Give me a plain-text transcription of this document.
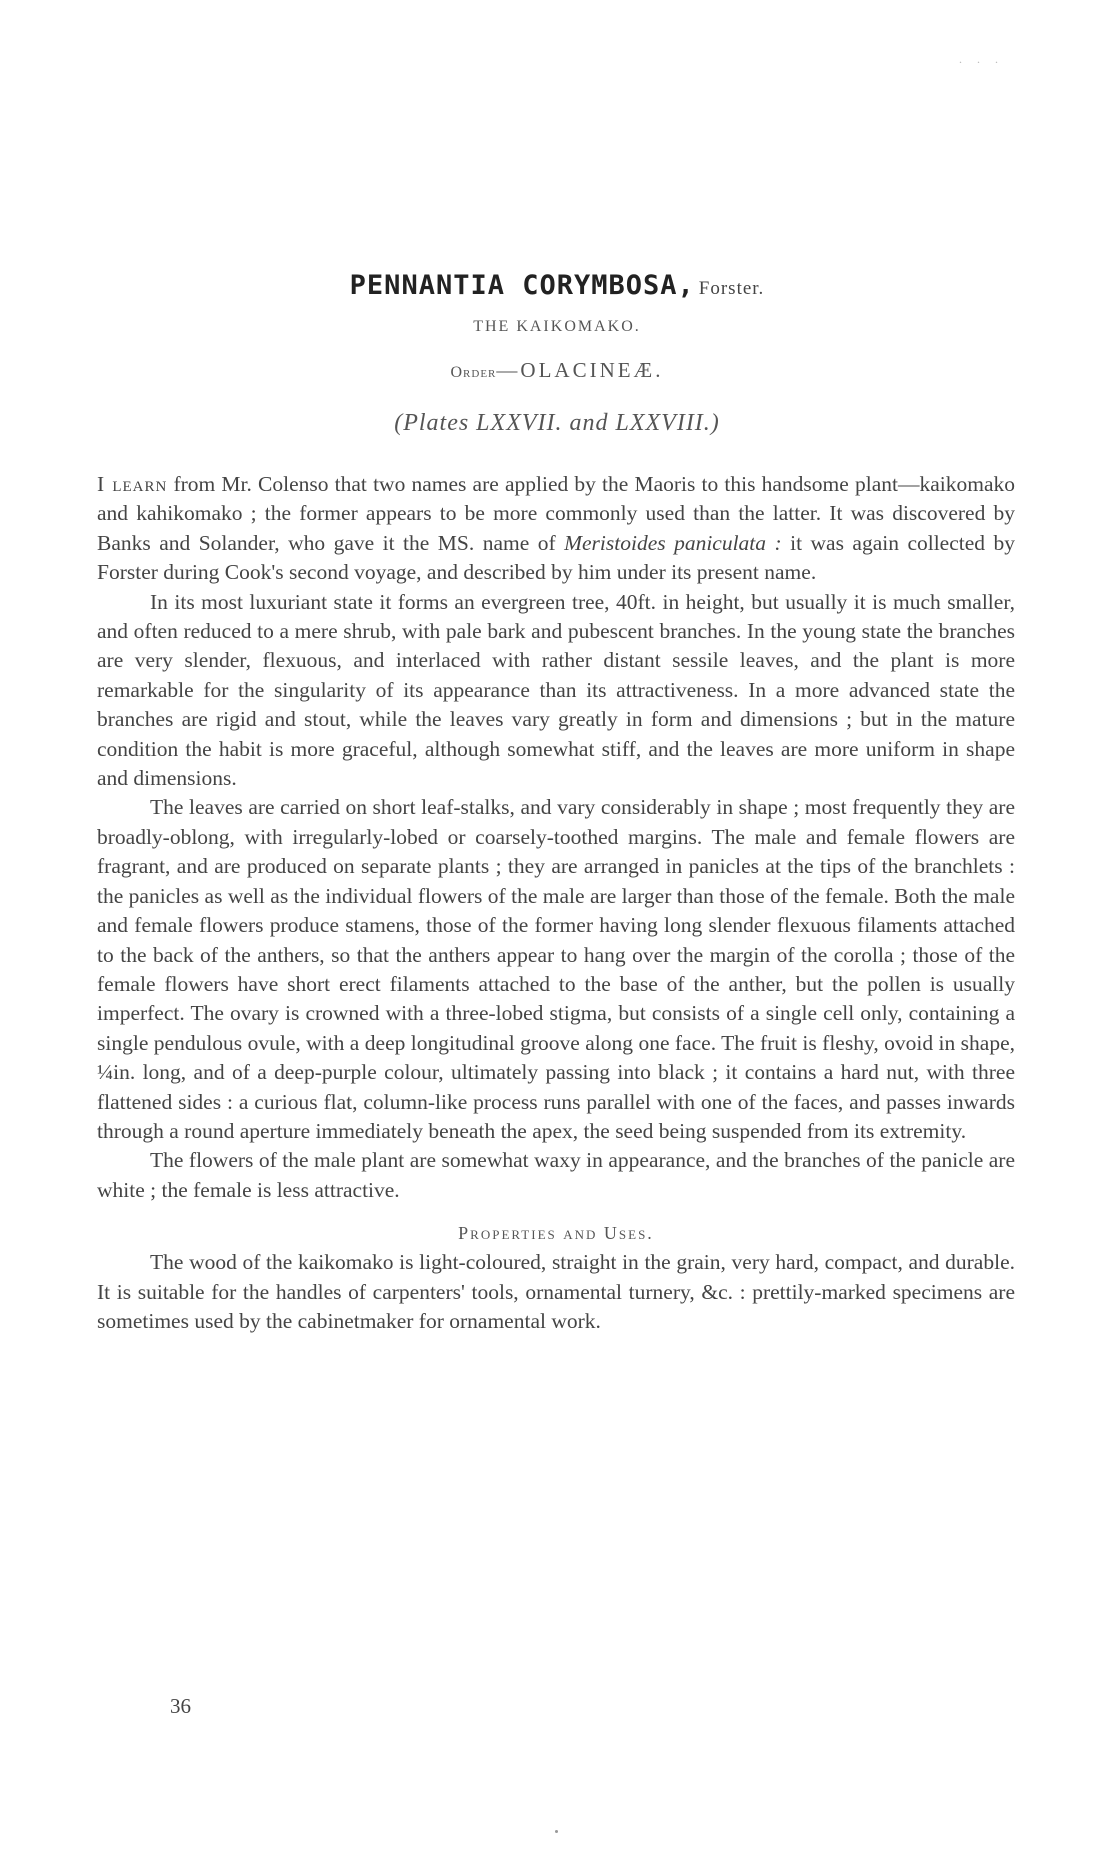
. . .
PENNANTIA CORYMBOSA, Forster.
THE KAIKOMAKO.
Order—OLACINEÆ.
(Plates LXXVII. and LXXVIII.)

I learn from Mr. Colenso that two names are applied by the Maoris to this handsome plant—kaikomako and kahikomako ; the former appears to be more commonly used than the latter. It was discovered by Banks and Solander, who gave it the MS. name of Meristoides paniculata : it was again collected by Forster during Cook's second voyage, and described by him under its present name.

In its most luxuriant state it forms an evergreen tree, 40ft. in height, but usually it is much smaller, and often reduced to a mere shrub, with pale bark and pubescent branches. In the young state the branches are very slender, flexuous, and interlaced with rather distant sessile leaves, and the plant is more remarkable for the singularity of its appearance than its attractiveness. In a more advanced state the branches are rigid and stout, while the leaves vary greatly in form and dimensions ; but in the mature condition the habit is more graceful, although somewhat stiff, and the leaves are more uniform in shape and dimensions.

The leaves are carried on short leaf-stalks, and vary considerably in shape ; most frequently they are broadly-oblong, with irregularly-lobed or coarsely-toothed margins. The male and female flowers are fragrant, and are produced on separate plants ; they are arranged in panicles at the tips of the branchlets : the panicles as well as the individual flowers of the male are larger than those of the female. Both the male and female flowers produce stamens, those of the former having long slender flexuous filaments attached to the back of the anthers, so that the anthers appear to hang over the margin of the corolla ; those of the female flowers have short erect filaments attached to the base of the anther, but the pollen is usually imperfect. The ovary is crowned with a three-lobed stigma, but consists of a single cell only, containing a single pendulous ovule, with a deep longitudinal groove along one face. The fruit is fleshy, ovoid in shape, ¼in. long, and of a deep-purple colour, ultimately passing into black ; it contains a hard nut, with three flattened sides : a curious flat, column-like process runs parallel with one of the faces, and passes inwards through a round aperture immediately beneath the apex, the seed being suspended from its extremity.

The flowers of the male plant are somewhat waxy in appearance, and the branches of the panicle are white ; the female is less attractive.

Properties and Uses.

The wood of the kaikomako is light-coloured, straight in the grain, very hard, compact, and durable. It is suitable for the handles of carpenters' tools, ornamental turnery, &c. : prettily-marked specimens are sometimes used by the cabinetmaker for ornamental work.

36
